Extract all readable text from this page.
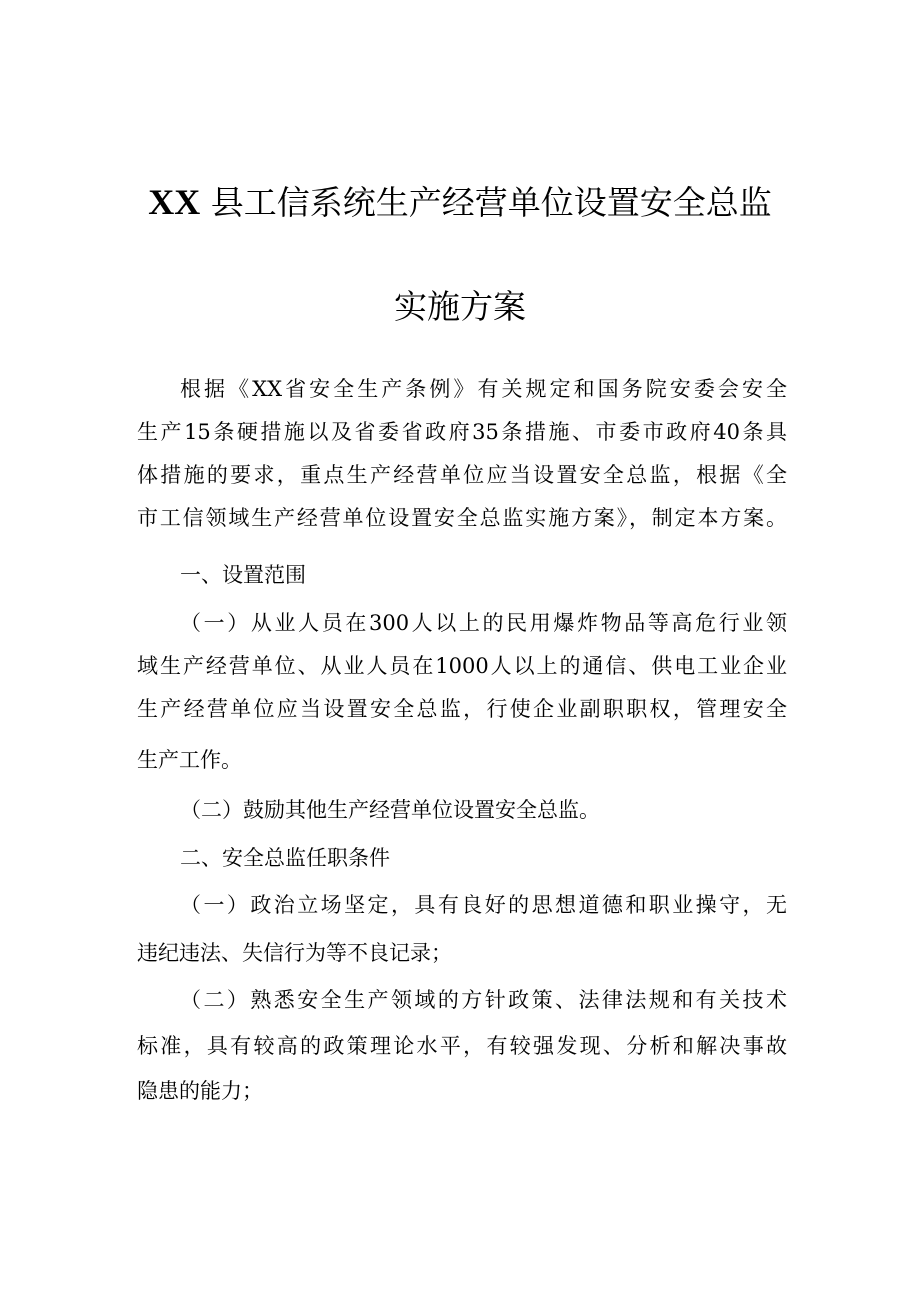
XX 县工信系统生产经营单位设置安全总监
实施方案
根据《XX省安全生产条例》有关规定和国务院安委会安全
生产15条硬措施以及省委省政府35条措施、市委市政府40条具
体措施的要求，重点生产经营单位应当设置安全总监，根据《全
市工信领域生产经营单位设置安全总监实施方案》，制定本方案。
一、设置范围
（一）从业人员在300人以上的民用爆炸物品等高危行业领
域生产经营单位、从业人员在1000人以上的通信、供电工业企业
生产经营单位应当设置安全总监，行使企业副职职权，管理安全
生产工作。
（二）鼓励其他生产经营单位设置安全总监。
二、安全总监任职条件
（一）政治立场坚定，具有良好的思想道德和职业操守，无
违纪违法、失信行为等不良记录；
（二）熟悉安全生产领域的方针政策、法律法规和有关技术
标准，具有较高的政策理论水平，有较强发现、分析和解决事故
隐患的能力；
